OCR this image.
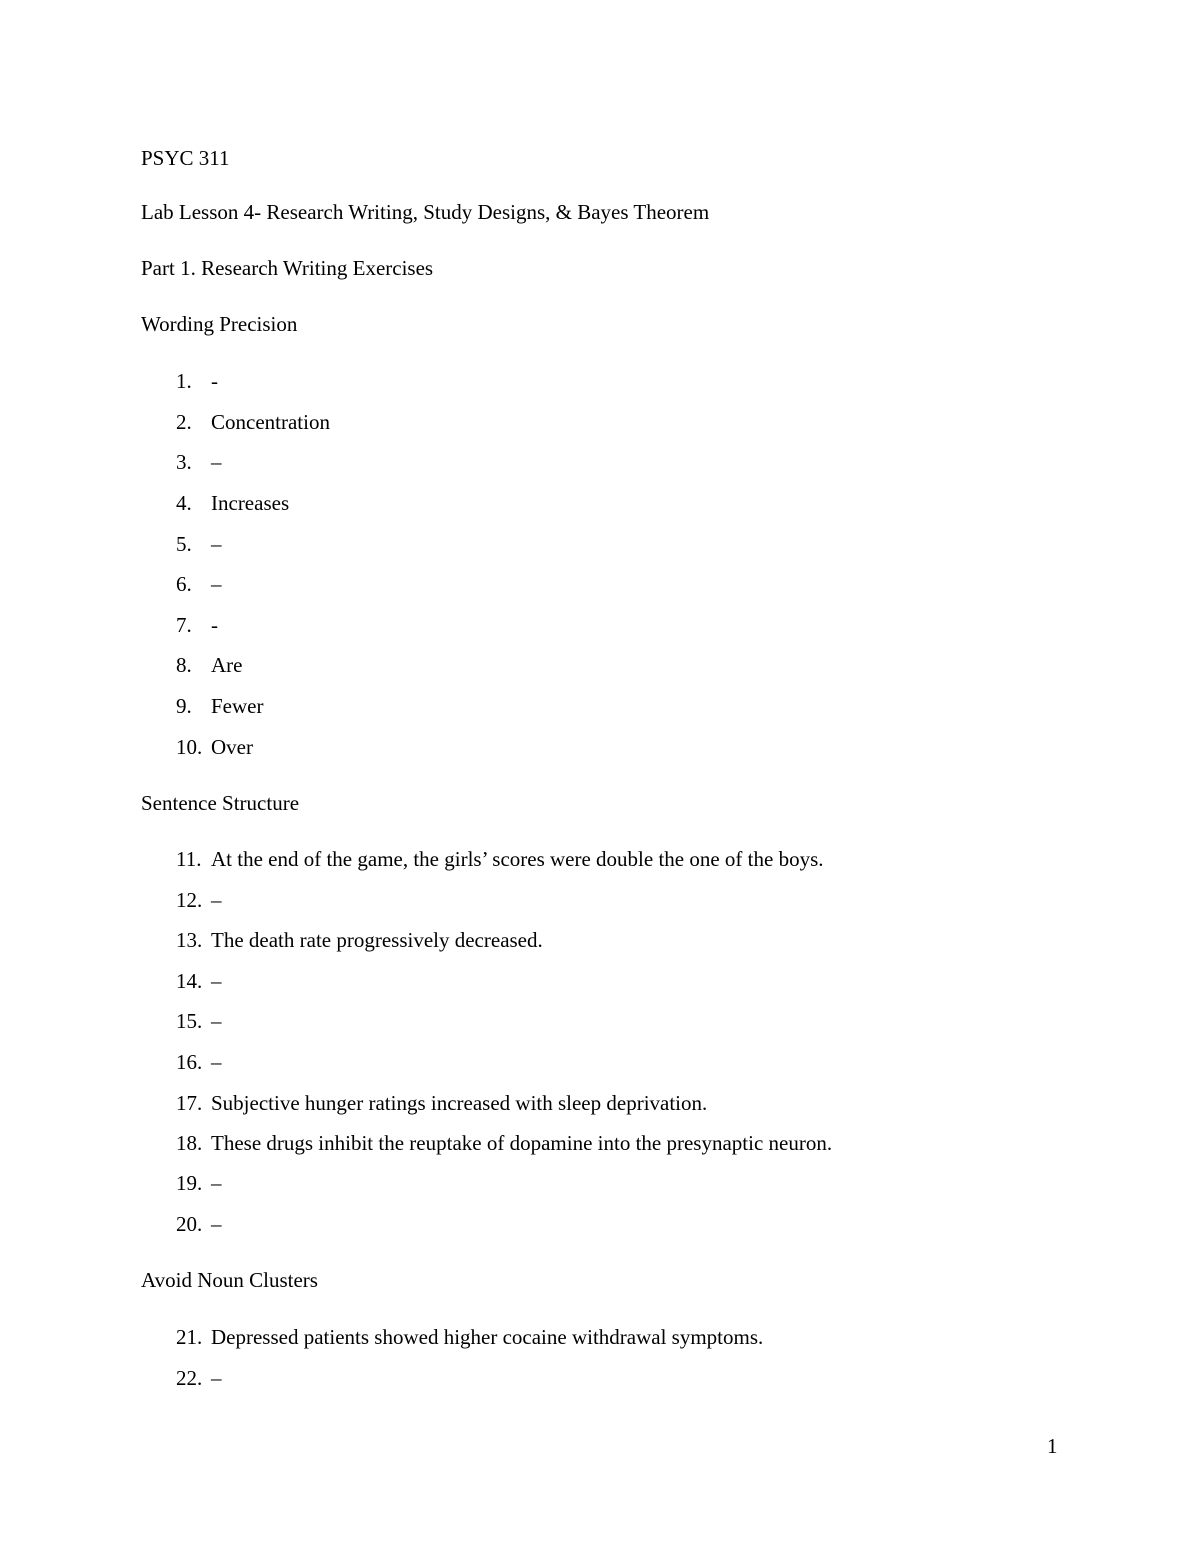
PSYC 311
Lab Lesson 4- Research Writing, Study Designs, & Bayes Theorem
Part 1. Research Writing Exercises
Wording Precision
1. -
2. Concentration
3. –
4. Increases
5. –
6. –
7. -
8. Are
9. Fewer
10. Over
Sentence Structure
11. At the end of the game, the girls’ scores were double the one of the boys.
12. –
13. The death rate progressively decreased.
14. –
15. –
16. –
17. Subjective hunger ratings increased with sleep deprivation.
18. These drugs inhibit the reuptake of dopamine into the presynaptic neuron.
19. –
20. –
Avoid Noun Clusters
21. Depressed patients showed higher cocaine withdrawal symptoms.
22. –
1
